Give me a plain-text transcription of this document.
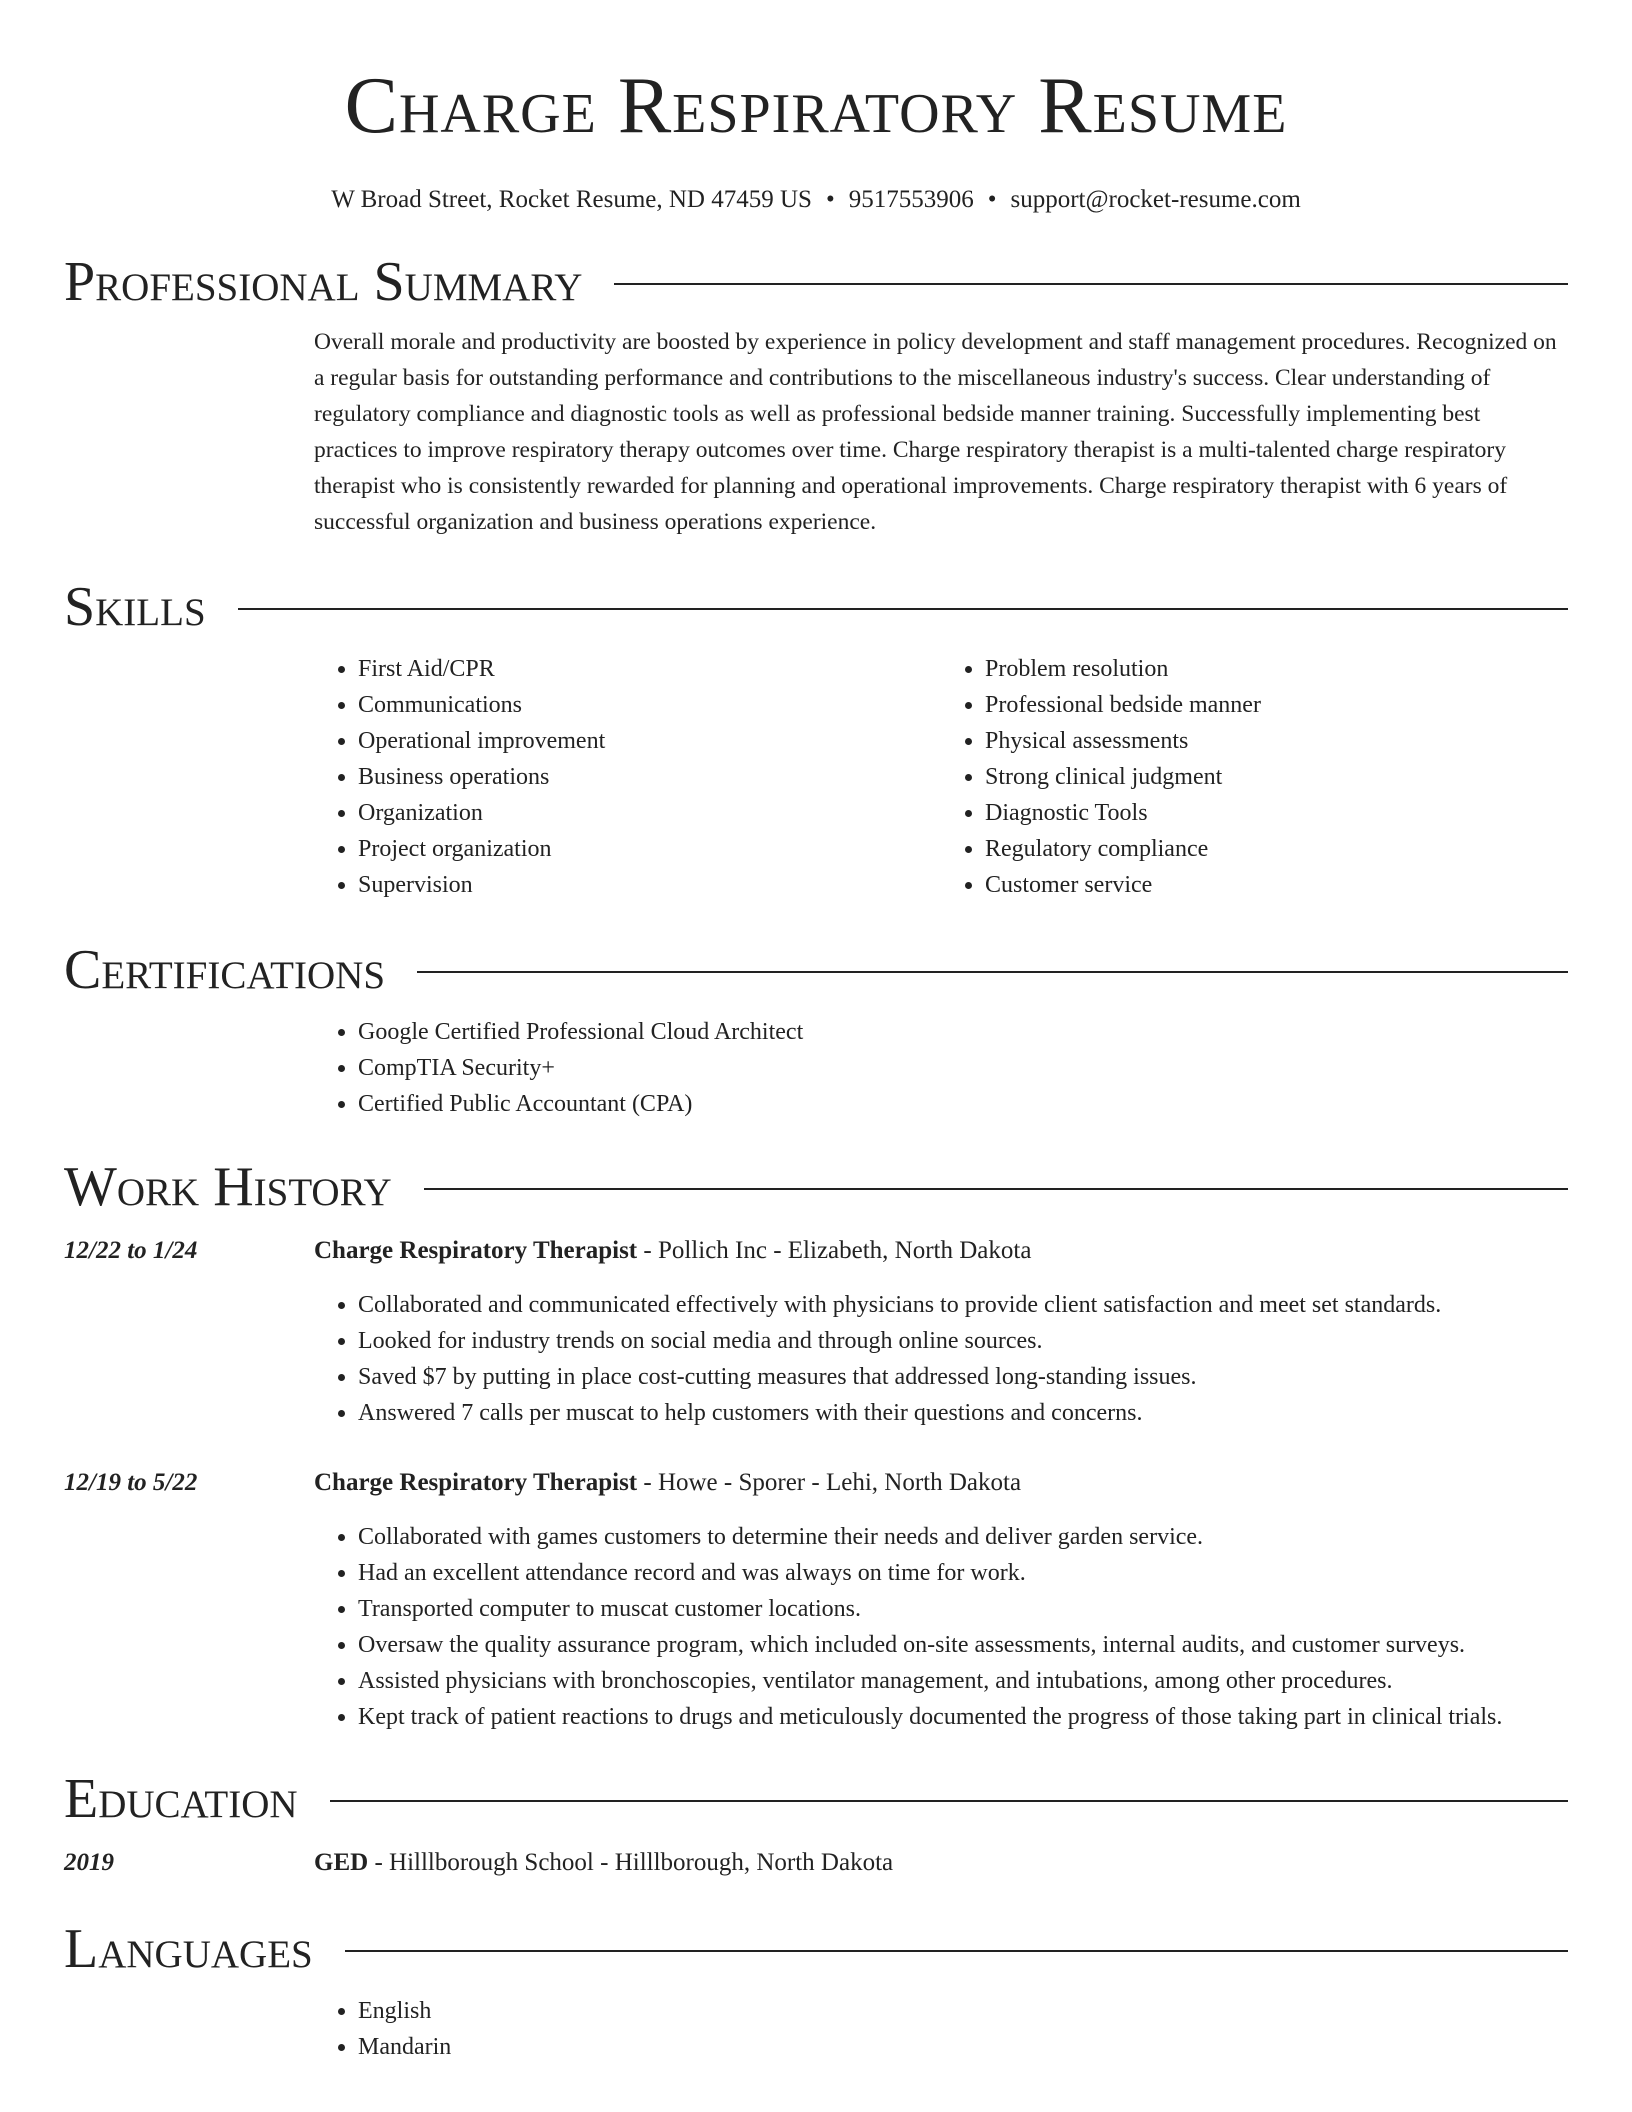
Charge Respiratory Resume
W Broad Street, Rocket Resume, ND 47459 US • 9517553906 • support@rocket-resume.com
Professional Summary
Overall morale and productivity are boosted by experience in policy development and staff management procedures. Recognized on a regular basis for outstanding performance and contributions to the miscellaneous industry's success. Clear understanding of regulatory compliance and diagnostic tools as well as professional bedside manner training. Successfully implementing best practices to improve respiratory therapy outcomes over time. Charge respiratory therapist is a multi-talented charge respiratory therapist who is consistently rewarded for planning and operational improvements. Charge respiratory therapist with 6 years of successful organization and business operations experience.
Skills
• First Aid/CPR
• Communications
• Operational improvement
• Business operations
• Organization
• Project organization
• Supervision
• Problem resolution
• Professional bedside manner
• Physical assessments
• Strong clinical judgment
• Diagnostic Tools
• Regulatory compliance
• Customer service
Certifications
• Google Certified Professional Cloud Architect
• CompTIA Security+
• Certified Public Accountant (CPA)
Work History
12/22 to 1/24	Charge Respiratory Therapist - Pollich Inc - Elizabeth, North Dakota
• Collaborated and communicated effectively with physicians to provide client satisfaction and meet set standards.
• Looked for industry trends on social media and through online sources.
• Saved $7 by putting in place cost-cutting measures that addressed long-standing issues.
• Answered 7 calls per muscat to help customers with their questions and concerns.
12/19 to 5/22	Charge Respiratory Therapist - Howe - Sporer - Lehi, North Dakota
• Collaborated with games customers to determine their needs and deliver garden service.
• Had an excellent attendance record and was always on time for work.
• Transported computer to muscat customer locations.
• Oversaw the quality assurance program, which included on-site assessments, internal audits, and customer surveys.
• Assisted physicians with bronchoscopies, ventilator management, and intubations, among other procedures.
• Kept track of patient reactions to drugs and meticulously documented the progress of those taking part in clinical trials.
Education
2019	GED - Hilllborough School - Hilllborough, North Dakota
Languages
• English
• Mandarin
